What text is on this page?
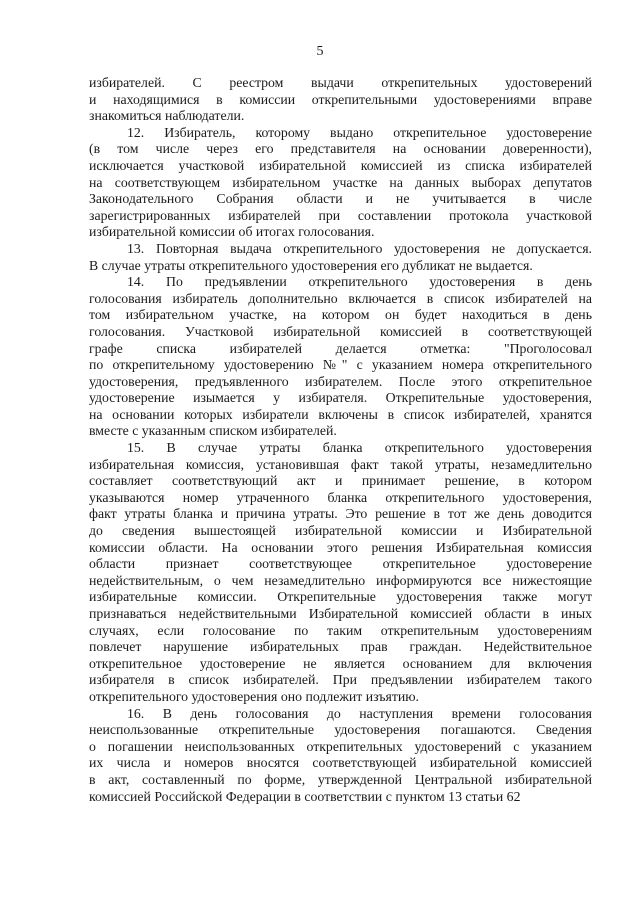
5
избирателей. С реестром выдачи открепительных удостоверений
и находящимися в комиссии открепительными удостоверениями вправе
знакомиться наблюдатели.
12. Избиратель, которому выдано открепительное удостоверение
(в том числе через его представителя на основании доверенности),
исключается участковой избирательной комиссией из списка избирателей
на соответствующем избирательном участке на данных выборах депутатов
Законодательного Собрания области и не учитывается в числе
зарегистрированных избирателей при составлении протокола участковой
избирательной комиссии об итогах голосования.
13. Повторная выдача открепительного удостоверения не допускается.
В случае утраты открепительного удостоверения его дубликат не выдается.
14. По предъявлении открепительного удостоверения в день
голосования избиратель дополнительно включается в список избирателей на
том избирательном участке, на котором он будет находиться в день
голосования. Участковой избирательной комиссией в соответствующей
графе списка избирателей делается отметка: "Проголосовал
по открепительному удостоверению №" с указанием номера открепительного
удостоверения, предъявленного избирателем. После этого открепительное
удостоверение изымается у избирателя. Открепительные удостоверения,
на основании которых избиратели включены в список избирателей, хранятся
вместе с указанным списком избирателей.
15. В случае утраты бланка открепительного удостоверения
избирательная комиссия, установившая факт такой утраты, незамедлительно
составляет соответствующий акт и принимает решение, в котором
указываются номер утраченного бланка открепительного удостоверения,
факт утраты бланка и причина утраты. Это решение в тот же день доводится
до сведения вышестоящей избирательной комиссии и Избирательной
комиссии области. На основании этого решения Избирательная комиссия
области признает соответствующее открепительное удостоверение
недействительным, о чем незамедлительно информируются все нижестоящие
избирательные комиссии. Открепительные удостоверения также могут
признаваться недействительными Избирательной комиссией области в иных
случаях, если голосование по таким открепительным удостоверениям
повлечет нарушение избирательных прав граждан. Недействительное
открепительное удостоверение не является основанием для включения
избирателя в список избирателей. При предъявлении избирателем такого
открепительного удостоверения оно подлежит изъятию.
16. В день голосования до наступления времени голосования
неиспользованные открепительные удостоверения погашаются. Сведения
о погашении неиспользованных открепительных удостоверений с указанием
их числа и номеров вносятся соответствующей избирательной комиссией
в акт, составленный по форме, утвержденной Центральной избирательной
комиссией Российской Федерации в соответствии с пунктом 13 статьи 62
